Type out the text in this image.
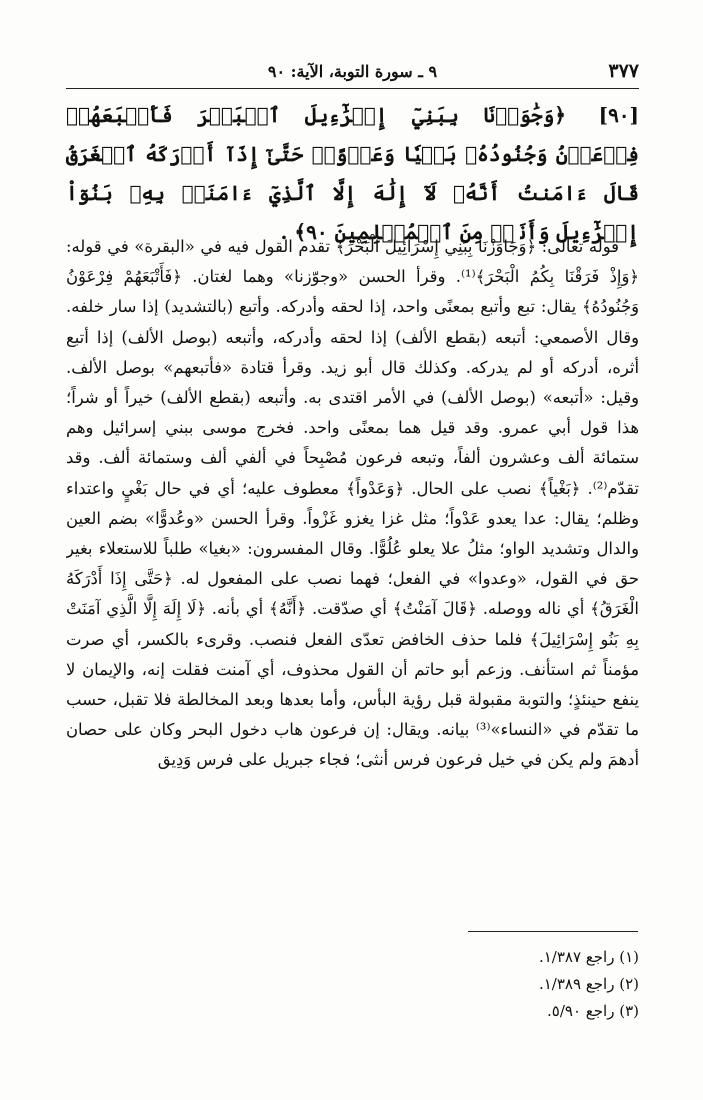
٣٧٧
٩ ـ سورة التوبة، الآية: ٩٠
[٩٠] ﴿وَجَٰوَزۡنَا بِبَنِيٓ إِسۡرَٰٓءِيلَ ٱلۡبَحۡرَ فَأَتۡبَعَهُمۡ فِرۡعَوۡنُ وَجُنُودُهُۥ بَغۡيٗا وَعَدۡوًاۚ حَتَّىٰٓ إِذَآ أَدۡرَكَهُ ٱلۡغَرَقُ قَالَ ءَامَنتُ أَنَّهُۥ لَآ إِلَٰهَ إِلَّا ٱلَّذِيٓ ءَامَنَتۡ بِهِۦ بَنُوٓاْ إِسۡرَٰٓءِيلَ وَأَنَا۠ مِنَ ٱلۡمُسۡلِمِينَ ٩٠﴾ .

قوله تعالى: ﴿وَجَاوَزْنَا بِبَنِي إِسْرَائِيلَ الْبَحْرَ﴾ تقدم القول فيه في «البقرة» في قوله: ﴿وَإِذْ فَرَقْنَا بِكُمُ الْبَحْرَ﴾⁽¹⁾. وقرأ الحسن «وجوّزنا» وهما لغتان. ﴿فَأَتْبَعَهُمْ فِرْعَوْنُ وَجُنُودُهُ﴾ يقال: تبع وأتبع بمعنًى واحد، إذا لحقه وأدركه. وأتبع (بالتشديد) إذا سار خلفه. وقال الأصمعي: أتبعه (بقطع الألف) إذا لحقه وأدركه، وأتبعه (بوصل الألف) إذا أتبع أثره، أدركه أو لم يدركه. وكذلك قال أبو زيد. وقرأ قتادة «فأتبعهم» بوصل الألف. وقيل: «أتبعه» (بوصل الألف) في الأمر اقتدى به. وأتبعه (بقطع الألف) خيراً أو شراً؛ هذا قول أبي عمرو. وقد قيل هما بمعنًى واحد. فخرج موسى ببني إسرائيل وهم ستمائة ألف وعشرون ألفاً، وتبعه فرعون مُصْبِحاً في ألفي ألف وستمائة ألف. وقد تقدّم⁽²⁾. ﴿بَغْياً﴾ نصب على الحال. ﴿وَعَدْواً﴾ معطوف عليه؛ أي في حال بَغْيٍ واعتداء وظلم؛ يقال: عدا يعدو عَدْواً؛ مثل غزا يغزو غَزْواً. وقرأ الحسن «وعُدوًّا» بضم العين والدال وتشديد الواو؛ مثلُ علا يعلو عُلُوًّا. وقال المفسرون: «بغيا» طلباً للاستعلاء بغير حق في القول، «وعدوا» في الفعل؛ فهما نصب على المفعول له. ﴿حَتَّى إِذَا أَدْرَكَهُ الْغَرَقُ﴾ أي ناله ووصله. ﴿قَالَ آمَنْتُ﴾ أي صدّقت. ﴿أَنَّهُ﴾ أي بأنه. ﴿لَا إِلَهَ إِلَّا الَّذِي آمَنَتْ بِهِ بَنُو إِسْرَائِيلَ﴾ فلما حذف الخافض تعدّى الفعل فنصب. وقرىء بالكسر، أي صرت مؤمناً ثم استأنف. وزعم أبو حاتم أن القول محذوف، أي آمنت فقلت إنه، والإيمان لا ينفع حينئذٍ؛ والتوبة مقبولة قبل رؤية البأس، وأما بعدها وبعد المخالطة فلا تقبل، حسب ما تقدّم في «النساء»⁽³⁾ بيانه. ويقال: إن فرعون هاب دخول البحر وكان على حصان أدهمَ ولم يكن في خيل فرعون فرس أنثى؛ فجاء جبريل على فرس وَدِيق

(١) راجع ١/٣٨٧.
(٢) راجع ١/٣٨٩.
(٣) راجع ٥/٩٠.
